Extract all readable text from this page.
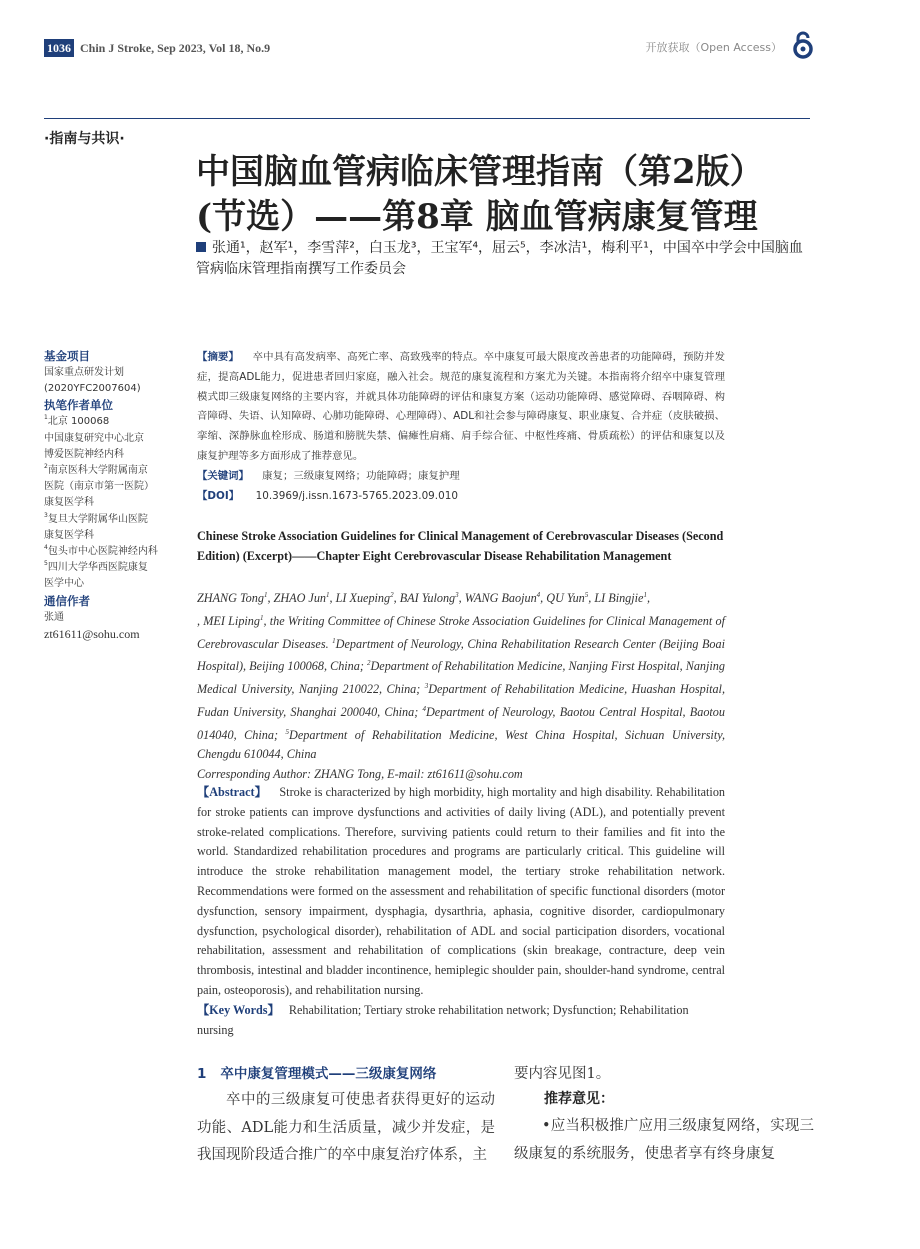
1036 Chin J Stroke, Sep 2023, Vol 18, No.9	开放获取（Open Access）
·指南与共识·
中国脑血管病临床管理指南（第2版）
(节选）——第8章 脑血管病康复管理
张通¹，赵军¹，李雪萍²，白玉龙³，王宝军⁴，屈云⁵，李冰洁¹，梅利平¹，中国卒中学会中国脑血管病临床管理指南撰写工作委员会
基金项目
国家重点研发计划
(2020YFC2007604)
执笔作者单位
$^1$北京 100068
中国康复研究中心北京
博爱医院神经内科
$^2$南京医科大学附属南京
医院（南京市第一医院）
康复医学科
$^3$复旦大学附属华山医院
康复医学科
$^4$包头市中心医院神经内科
$^5$四川大学华西医院康复
医学中心
通信作者
张通
zt61611@sohu.com
【摘要】 卒中具有高发病率、高死亡率、高致残率的特点。卒中康复可最大限度改善患者的功能障碍，预防并发症，提高ADL能力，促进患者回归家庭，融入社会。规范的康复流程和方案尤为关键。本指南将介绍卒中康复管理模式即三级康复网络的主要内容，并就具体功能障碍的评估和康复方案（运动功能障碍、感觉障碍、吞咽障碍、构音障碍、失语、认知障碍、心肺功能障碍、心理障碍）、ADL和社会参与障碍康复、职业康复、合并症（皮肤破损、挛缩、深静脉血栓形成、肠道和膀胱失禁、偏瘫性肩痛、肩手综合征、中枢性疼痛、骨质疏松）的评估和康复以及康复护理等多方面形成了推荐意见。
【关键词】 康复；三级康复网络；功能障碍；康复护理
【DOI】 10.3969/j.issn.1673-5765.2023.09.010
Chinese Stroke Association Guidelines for Clinical Management of Cerebrovascular Diseases (Second Edition) (Excerpt)——Chapter Eight Cerebrovascular Disease Rehabilitation Management
ZHANG Tong$^1$, ZHAO Jun$^1$, LI Xueping$^2$, BAI Yulong$^3$, WANG Baojun$^4$, QU Yun$^5$, LI Bingjie$^1$,
, MEI Liping$^1$, the Writing Committee of Chinese Stroke Association Guidelines for Clinical Management of Cerebrovascular Diseases. $^1$Department of Neurology, China Rehabilitation Research Center (Beijing Boai Hospital), Beijing 100068, China; $^2$Department of Rehabilitation Medicine, Nanjing First Hospital, Nanjing Medical University, Nanjing 210022, China; $^3$Department of Rehabilitation Medicine, Huashan Hospital, Fudan University, Shanghai 200040, China; $^4$Department of Neurology, Baotou Central Hospital, Baotou 014040, China; $^5$Department of Rehabilitation Medicine, West China Hospital, Sichuan University, Chengdu 610044, China
Corresponding Author: ZHANG Tong, E-mail: zt61611@sohu.com
【Abstract】 Stroke is characterized by high morbidity, high mortality and high disability. Rehabilitation for stroke patients can improve dysfunctions and activities of daily living (ADL), and potentially prevent stroke-related complications. Therefore, surviving patients could return to their families and fit into the world. Standardized rehabilitation procedures and programs are particularly critical. This guideline will introduce the stroke rehabilitation management model, the tertiary stroke rehabilitation network. Recommendations were formed on the assessment and rehabilitation of specific functional disorders (motor dysfunction, sensory impairment, dysphagia, dysarthria, aphasia, cognitive disorder, cardiopulmonary dysfunction, psychological disorder), rehabilitation of ADL and social participation disorders, vocational rehabilitation, assessment and rehabilitation of complications (skin breakage, contracture, deep vein thrombosis, intestinal and bladder incontinence, hemiplegic shoulder pain, shoulder-hand syndrome, central pain, osteoporosis), and rehabilitation nursing.
【Key Words】 Rehabilitation; Tertiary stroke rehabilitation network; Dysfunction; Rehabilitation nursing
1 卒中康复管理模式——三级康复网络
卒中的三级康复可使患者获得更好的运动功能、ADL能力和生活质量，减少并发症，是我国现阶段适合推广的卒中康复治疗体系，主
要内容见图1。
推荐意见：
•应当积极推广应用三级康复网络，实现三级康复的系统服务，使患者享有终身康复
